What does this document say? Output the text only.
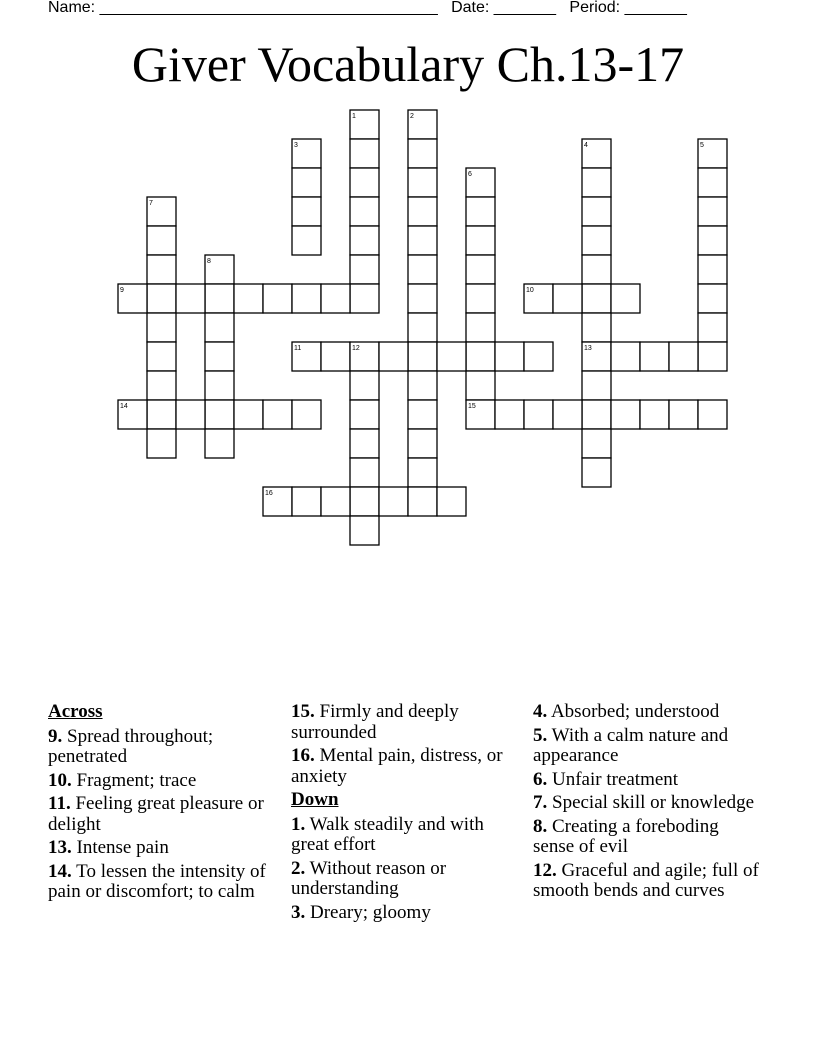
Name: ______________________________________ Date: _______ Period: _______
Giver Vocabulary Ch.13-17
1	2
3	4	5
6
7
8
9	10
11	12	13
14	15
16
Across
9. Spread throughout; penetrated
10. Fragment; trace
11. Feeling great pleasure or delight
13. Intense pain
14. To lessen the intensity of pain or discomfort; to calm
15. Firmly and deeply surrounded
16. Mental pain, distress, or anxiety
Down
1. Walk steadily and with great effort
2. Without reason or understanding
3. Dreary; gloomy
4. Absorbed; understood
5. With a calm nature and appearance
6. Unfair treatment
7. Special skill or knowledge
8. Creating a foreboding sense of evil
12. Graceful and agile; full of smooth bends and curves
